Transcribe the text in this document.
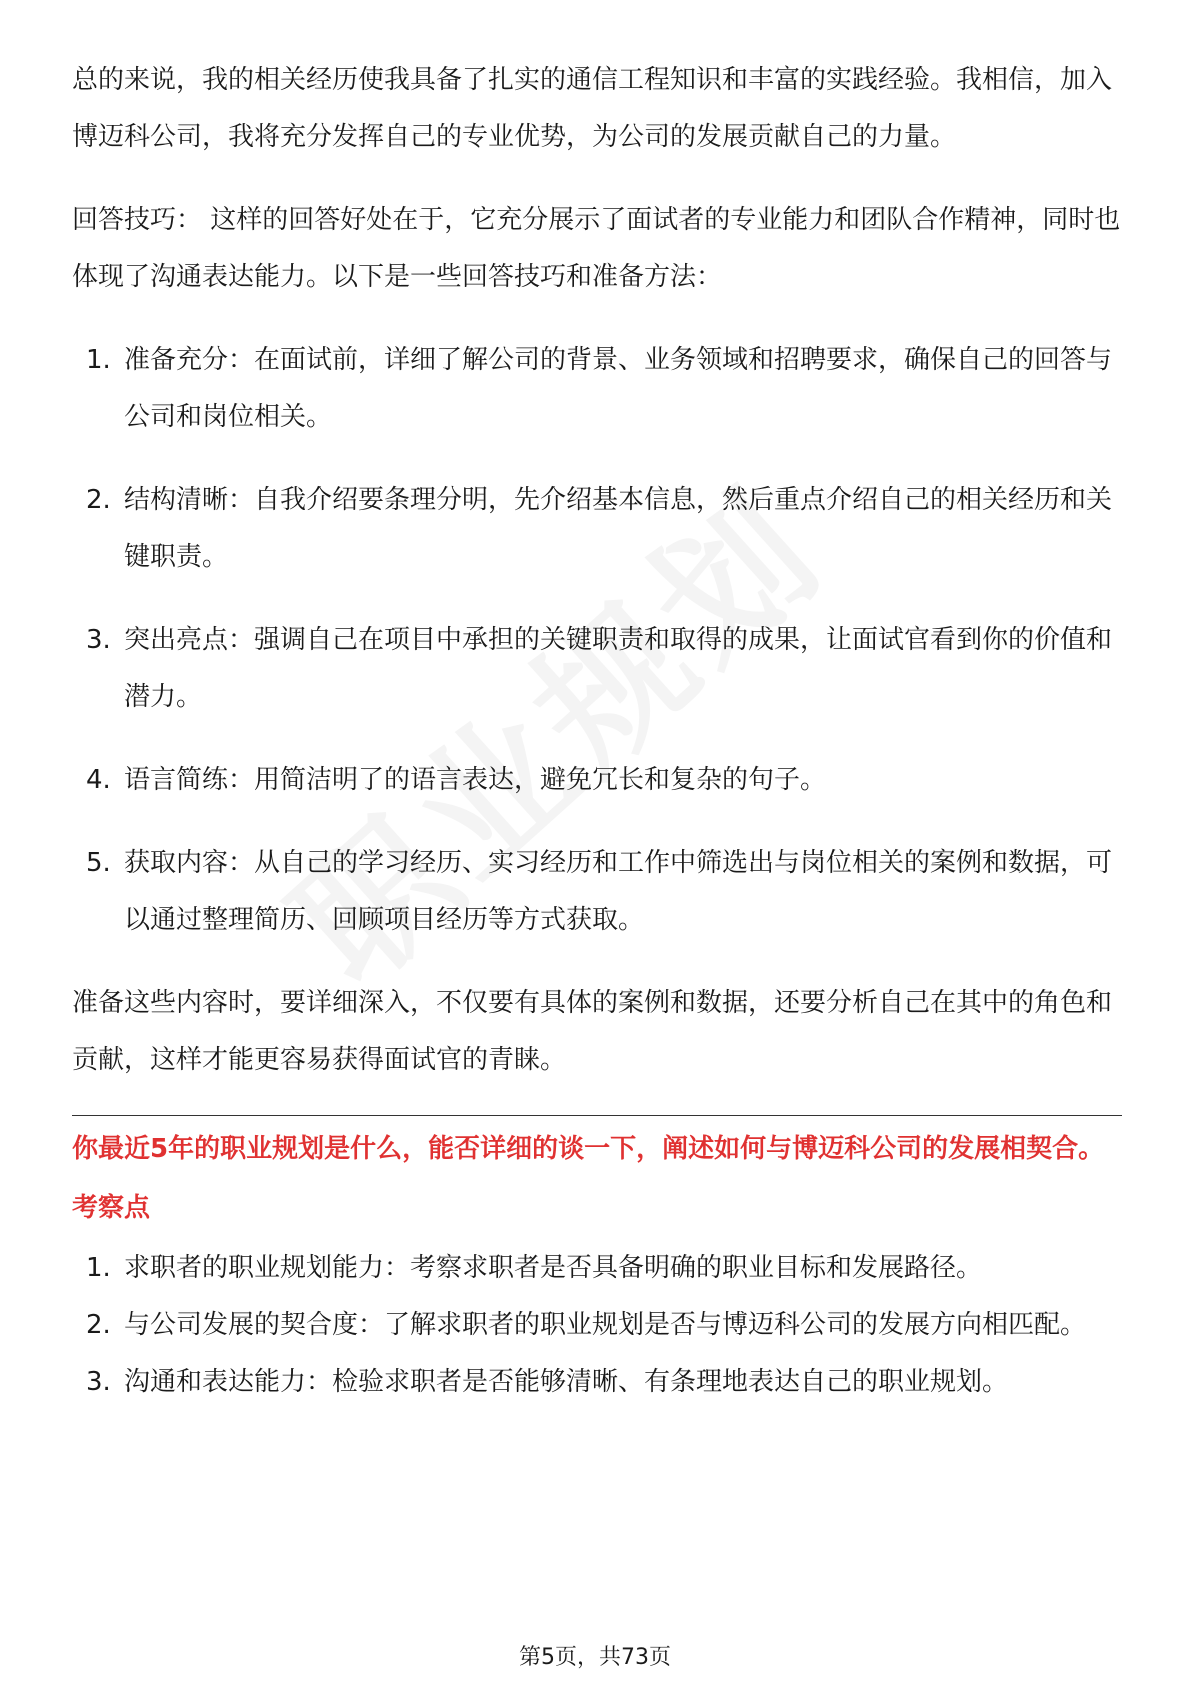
总的来说，我的相关经历使我具备了扎实的通信工程知识和丰富的实践经验。我相信，加入博迈科公司，我将充分发挥自己的专业优势，为公司的发展贡献自己的力量。

回答技巧： 这样的回答好处在于，它充分展示了面试者的专业能力和团队合作精神，同时也体现了沟通表达能力。以下是一些回答技巧和准备方法：

1. 准备充分：在面试前，详细了解公司的背景、业务领域和招聘要求，确保自己的回答与公司和岗位相关。
2. 结构清晰：自我介绍要条理分明，先介绍基本信息，然后重点介绍自己的相关经历和关键职责。
3. 突出亮点：强调自己在项目中承担的关键职责和取得的成果，让面试官看到你的价值和潜力。
4. 语言简练：用简洁明了的语言表达，避免冗长和复杂的句子。
5. 获取内容：从自己的学习经历、实习经历和工作中筛选出与岗位相关的案例和数据，可以通过整理简历、回顾项目经历等方式获取。

准备这些内容时，要详细深入，不仅要有具体的案例和数据，还要分析自己在其中的角色和贡献，这样才能更容易获得面试官的青睐。

你最近5年的职业规划是什么，能否详细的谈一下，阐述如何与博迈科公司的发展相契合。

考察点

1. 求职者的职业规划能力：考察求职者是否具备明确的职业目标和发展路径。
2. 与公司发展的契合度：了解求职者的职业规划是否与博迈科公司的发展方向相匹配。
3. 沟通和表达能力：检验求职者是否能够清晰、有条理地表达自己的职业规划。
第5页，共73页
